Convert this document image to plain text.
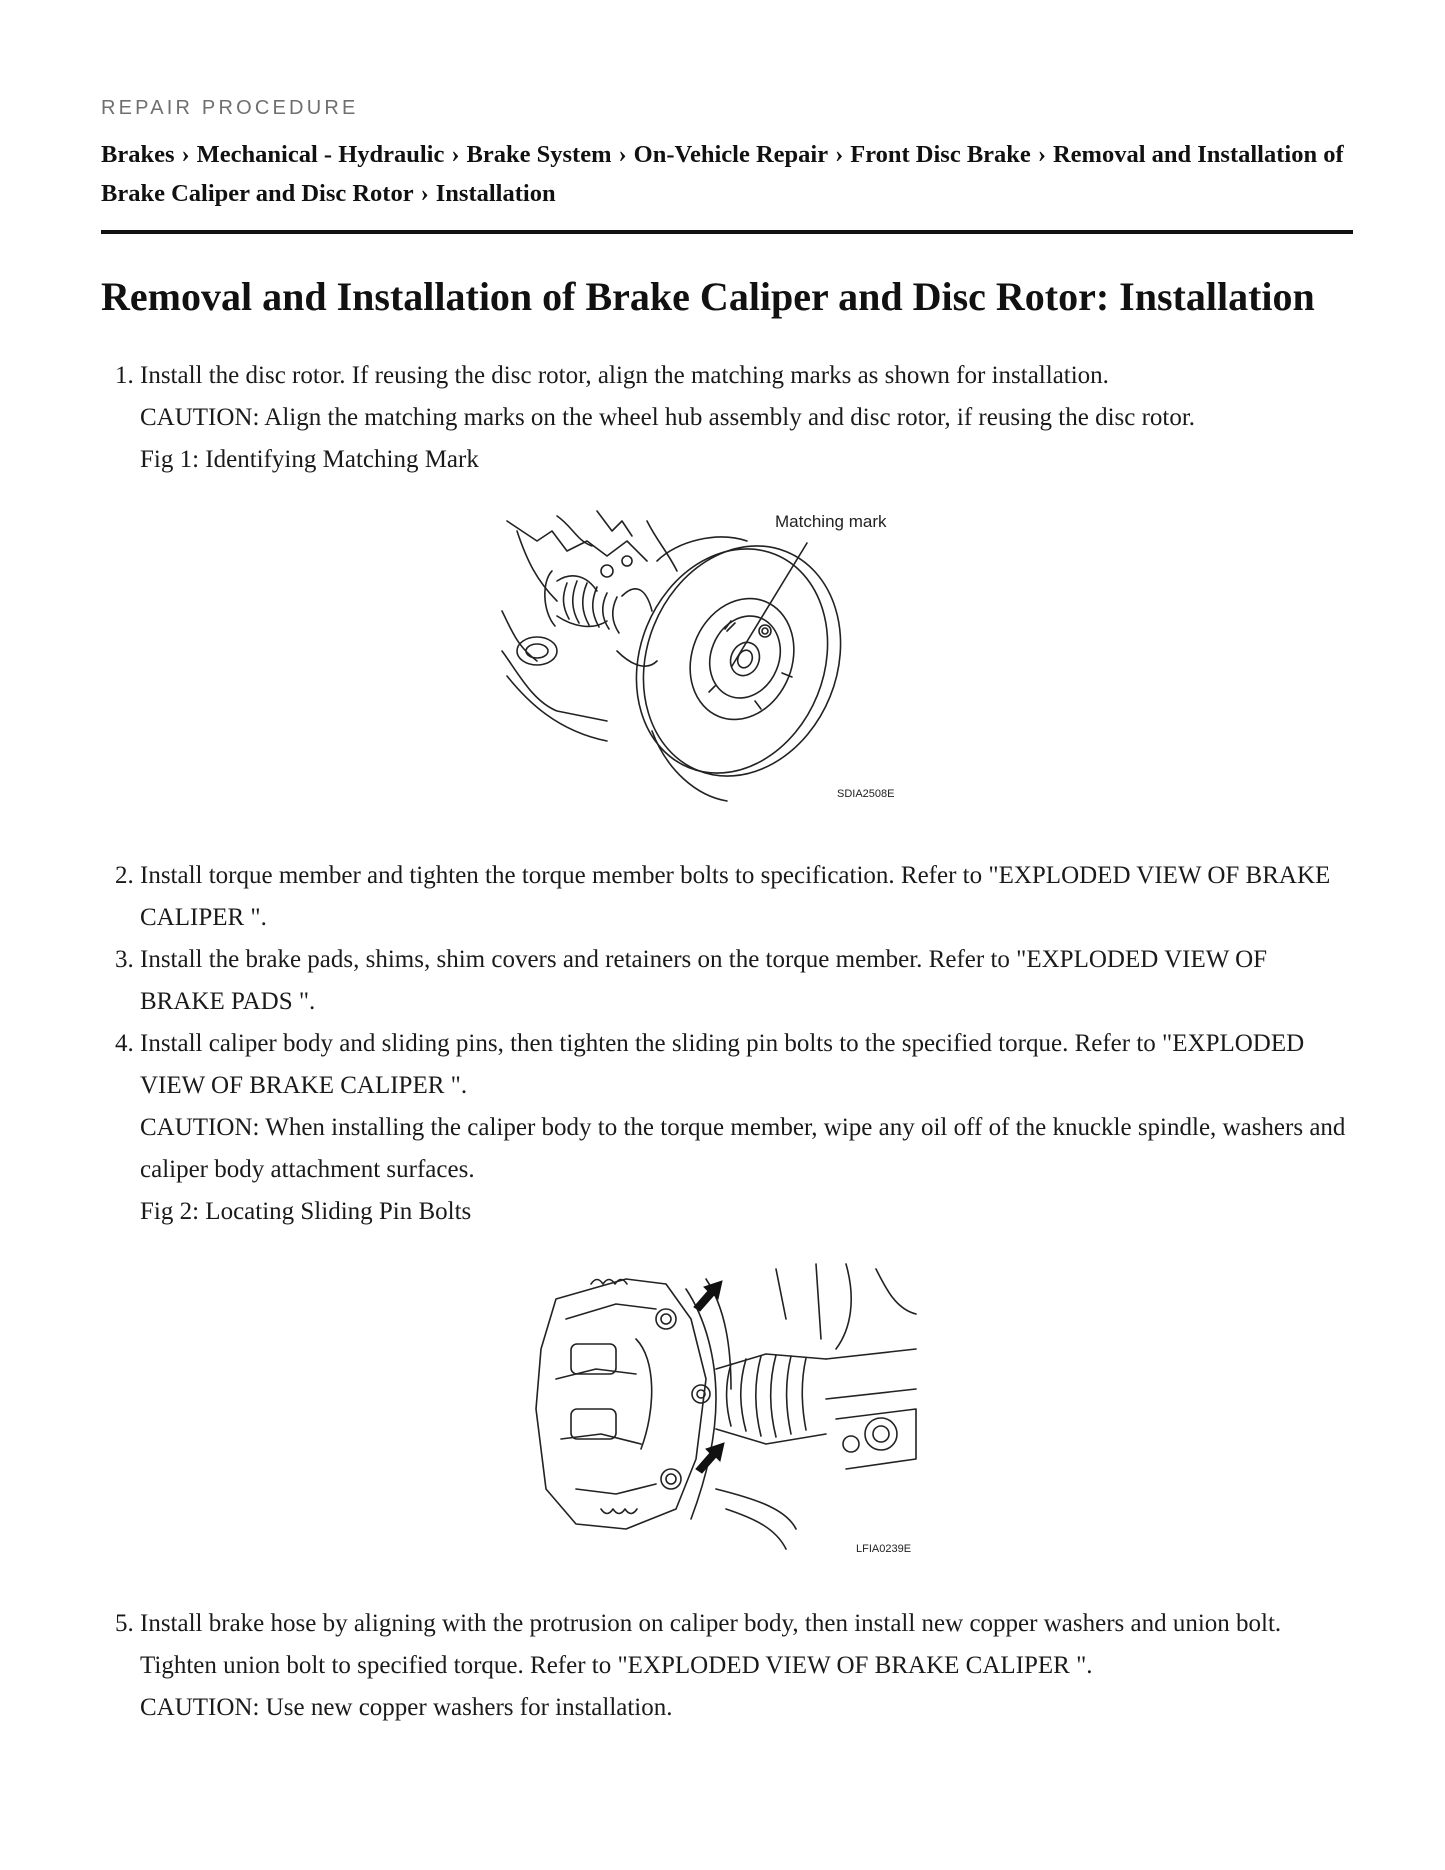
REPAIR PROCEDURE

Brakes › Mechanical - Hydraulic › Brake System › On-Vehicle Repair › Front Disc Brake › Removal and Installation of Brake Caliper and Disc Rotor › Installation

Removal and Installation of Brake Caliper and Disc Rotor: Installation
1. Install the disc rotor. If reusing the disc rotor, align the matching marks as shown for installation.
CAUTION: Align the matching marks on the wheel hub assembly and disc rotor, if reusing the disc rotor.
Fig 1: Identifying Matching Mark
Matching mark
SDIA2508E
2. Install torque member and tighten the torque member bolts to specification. Refer to "EXPLODED VIEW OF BRAKE CALIPER ".
3. Install the brake pads, shims, shim covers and retainers on the torque member. Refer to "EXPLODED VIEW OF BRAKE PADS ".
4. Install caliper body and sliding pins, then tighten the sliding pin bolts to the specified torque. Refer to "EXPLODED VIEW OF BRAKE CALIPER ".
CAUTION: When installing the caliper body to the torque member, wipe any oil off of the knuckle spindle, washers and caliper body attachment surfaces.
Fig 2: Locating Sliding Pin Bolts
LFIA0239E
5. Install brake hose by aligning with the protrusion on caliper body, then install new copper washers and union bolt. Tighten union bolt to specified torque. Refer to "EXPLODED VIEW OF BRAKE CALIPER ".
CAUTION: Use new copper washers for installation.
